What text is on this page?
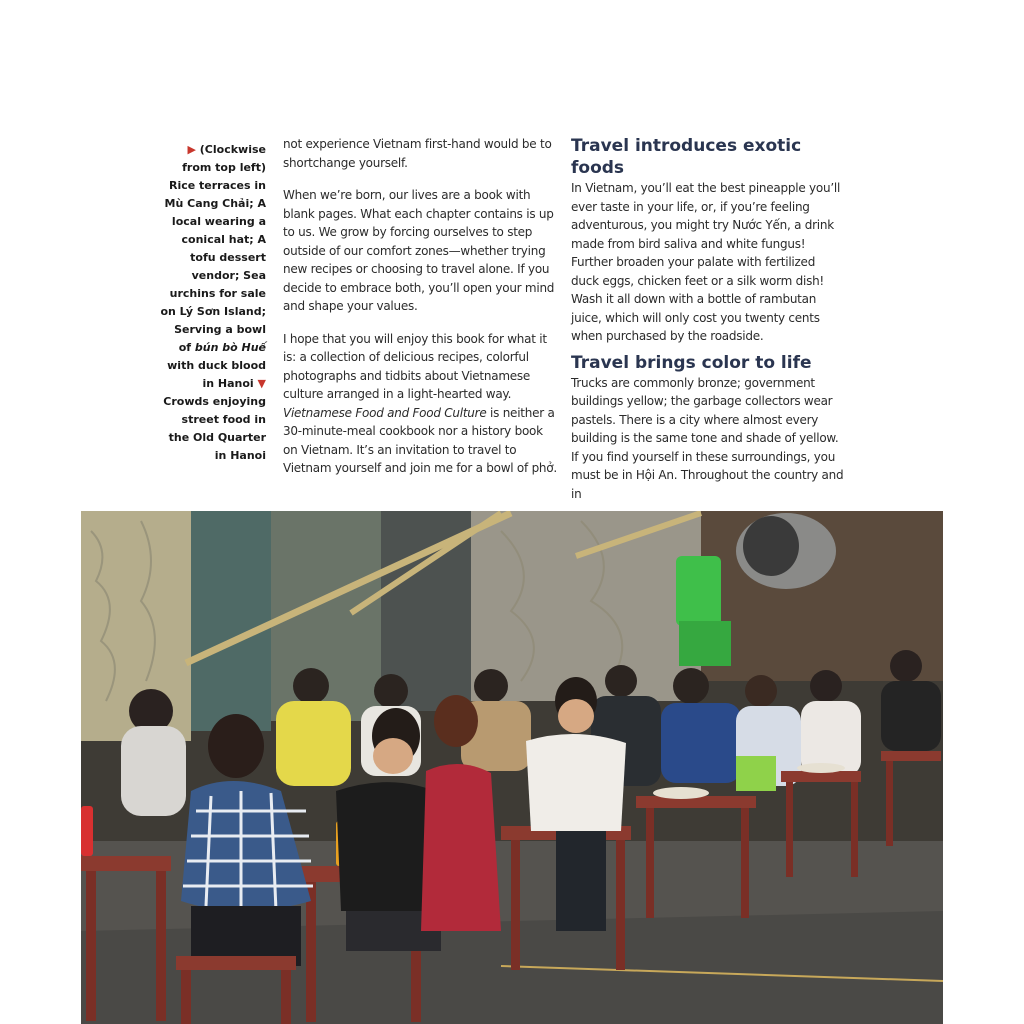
▶ (Clockwise from top left) Rice terraces in Mù Cang Chải; A local wearing a conical hat; A tofu dessert vendor; Sea urchins for sale on Lý Sơn Island; Serving a bowl of bún bò Huế with duck blood in Hanoi ▼ Crowds enjoying street food in the Old Quarter in Hanoi

not experience Vietnam first-hand would be to shortchange yourself.

When we’re born, our lives are a book with blank pages. What each chapter contains is up to us. We grow by forcing ourselves to step outside of our comfort zones—whether trying new recipes or choosing to travel alone. If you decide to embrace both, you’ll open your mind and shape your values.

I hope that you will enjoy this book for what it is: a collection of delicious recipes, colorful photographs and tidbits about Vietnamese culture arranged in a light-hearted way. Vietnamese Food and Food Culture is neither a 30-minute-meal cookbook nor a history book on Vietnam. It’s an invitation to travel to Vietnam yourself and join me for a bowl of phở.

Travel introduces exotic foods

In Vietnam, you’ll eat the best pineapple you’ll ever taste in your life, or, if you’re feeling adventurous, you might try Nước Yến, a drink made from bird saliva and white fungus! Further broaden your palate with fertilized duck eggs, chicken feet or a silk worm dish! Wash it all down with a bottle of rambutan juice, which will only cost you twenty cents when purchased by the roadside.

Travel brings color to life

Trucks are commonly bronze; government buildings yellow; the garbage collectors wear pastels. There is a city where almost every building is the same tone and shade of yellow. If you find yourself in these surroundings, you must be in Hội An. Throughout the country and in
